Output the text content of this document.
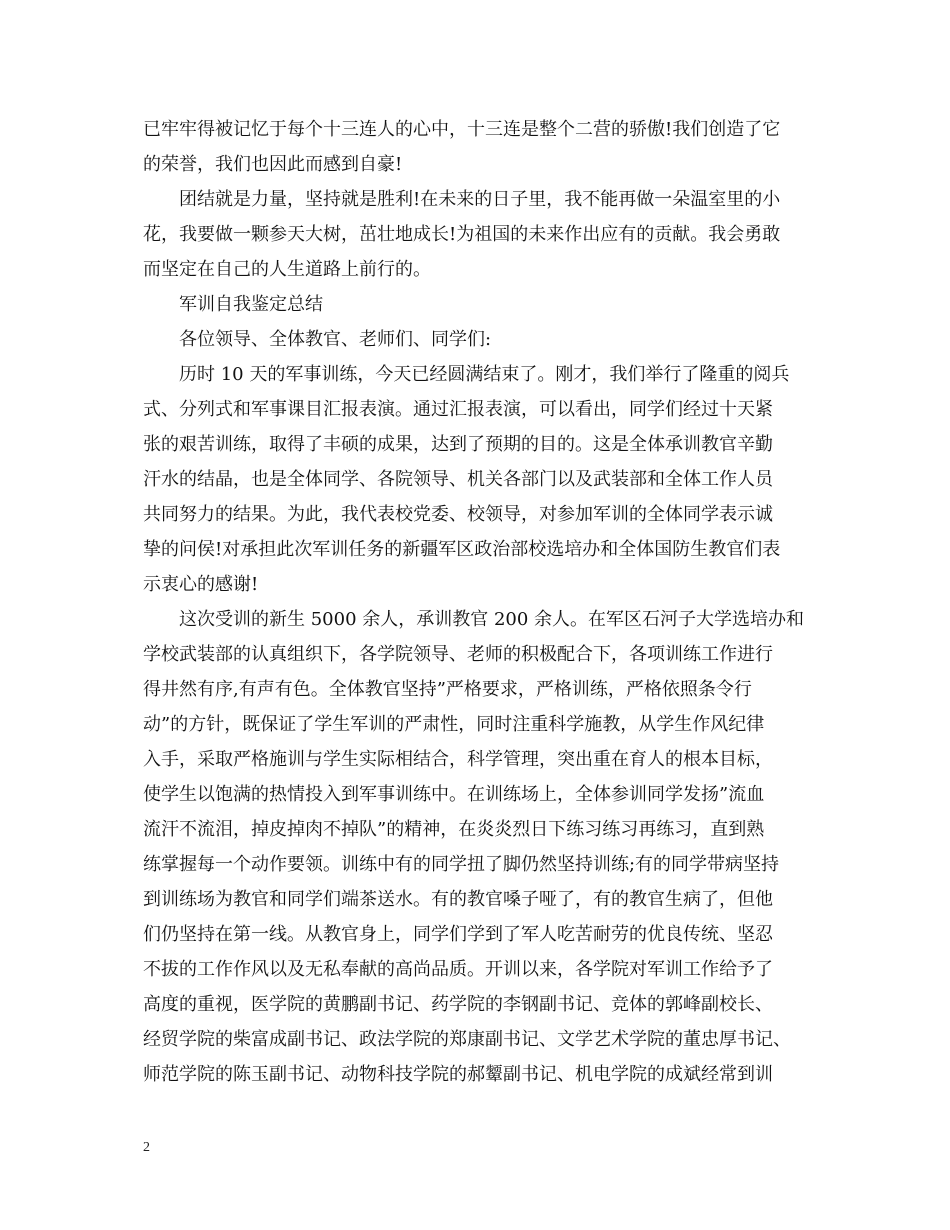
已牢牢得被记忆于每个十三连人的心中，十三连是整个二营的骄傲!我们创造了它
的荣誉，我们也因此而感到自豪!
团结就是力量，坚持就是胜利!在未来的日子里，我不能再做一朵温室里的小
花，我要做一颗参天大树，茁壮地成长!为祖国的未来作出应有的贡献。我会勇敢
而坚定在自己的人生道路上前行的。
军训自我鉴定总结
各位领导、全体教官、老师们、同学们:
历时 10 天的军事训练，今天已经圆满结束了。刚才，我们举行了隆重的阅兵
式、分列式和军事课目汇报表演。通过汇报表演，可以看出，同学们经过十天紧
张的艰苦训练，取得了丰硕的成果，达到了预期的目的。这是全体承训教官辛勤
汗水的结晶，也是全体同学、各院领导、机关各部门以及武装部和全体工作人员
共同努力的结果。为此，我代表校党委、校领导，对参加军训的全体同学表示诚
挚的问侯!对承担此次军训任务的新疆军区政治部校选培办和全体国防生教官们表
示衷心的感谢!
这次受训的新生 5000 余人，承训教官 200 余人。在军区石河子大学选培办和
学校武装部的认真组织下，各学院领导、老师的积极配合下，各项训练工作进行
得井然有序,有声有色。全体教官坚持”严格要求，严格训练，严格依照条令行
动”的方针，既保证了学生军训的严肃性，同时注重科学施教，从学生作风纪律
入手，采取严格施训与学生实际相结合，科学管理，突出重在育人的根本目标，
使学生以饱满的热情投入到军事训练中。在训练场上，全体参训同学发扬”流血
流汗不流泪，掉皮掉肉不掉队”的精神，在炎炎烈日下练习练习再练习，直到熟
练掌握每一个动作要领。训练中有的同学扭了脚仍然坚持训练;有的同学带病坚持
到训练场为教官和同学们端茶送水。有的教官嗓子哑了，有的教官生病了，但他
们仍坚持在第一线。从教官身上，同学们学到了军人吃苦耐劳的优良传统、坚忍
不拔的工作作风以及无私奉献的高尚品质。开训以来，各学院对军训工作给予了
高度的重视，医学院的黄鹏副书记、药学院的李钢副书记、竞体的郭峰副校长、
经贸学院的柴富成副书记、政法学院的郑康副书记、文学艺术学院的董忠厚书记、
师范学院的陈玉副书记、动物科技学院的郝颦副书记、机电学院的成斌经常到训
2
